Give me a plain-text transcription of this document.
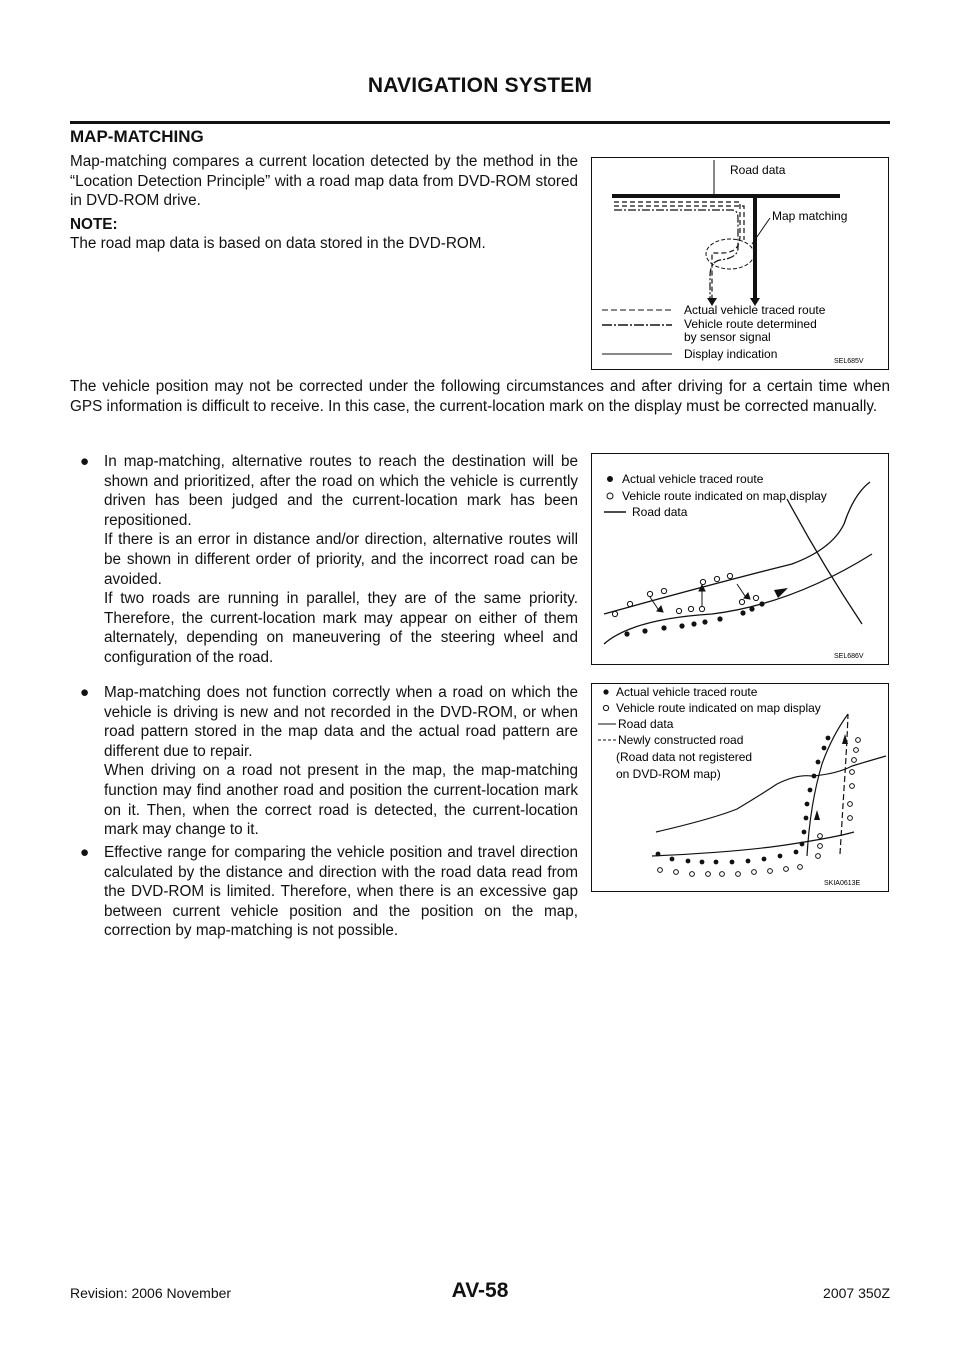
NAVIGATION SYSTEM
MAP-MATCHING
Map-matching compares a current location detected by the method in the “Location Detection Principle” with a road map data from DVD-ROM stored in DVD-ROM drive.
NOTE:
The road map data is based on data stored in the DVD-ROM.
Road data
Map matching
Actual vehicle traced route
Vehicle route determined
by sensor signal
Display indication
SEL685V
The vehicle position may not be corrected under the following circumstances and after driving for a certain time when GPS information is difficult to receive. In this case, the current-location mark on the display must be corrected manually.
● In map-matching, alternative routes to reach the destination will be shown and prioritized, after the road on which the vehicle is currently driven has been judged and the current-location mark has been repositioned.
If there is an error in distance and/or direction, alternative routes will be shown in different order of priority, and the incorrect road can be avoided.
If two roads are running in parallel, they are of the same priority. Therefore, the current-location mark may appear on either of them alternately, depending on maneuvering of the steering wheel and configuration of the road.
Actual vehicle traced route
Vehicle route indicated on map display
Road data
SEL686V
● Map-matching does not function correctly when a road on which the vehicle is driving is new and not recorded in the DVD-ROM, or when road pattern stored in the map data and the actual road pattern are different due to repair.
When driving on a road not present in the map, the map-matching function may find another road and position the current-location mark on it. Then, when the correct road is detected, the current-location mark may change to it.
Actual vehicle traced route
Vehicle route indicated on map display
Road data
Newly constructed road
(Road data not registered
on DVD-ROM map)
SKIA0613E
● Effective range for comparing the vehicle position and travel direction calculated by the distance and direction with the road data read from the DVD-ROM is limited. Therefore, when there is an excessive gap between current vehicle position and the position on the map, correction by map-matching is not possible.
Revision: 2006 November	AV-58	2007 350Z
